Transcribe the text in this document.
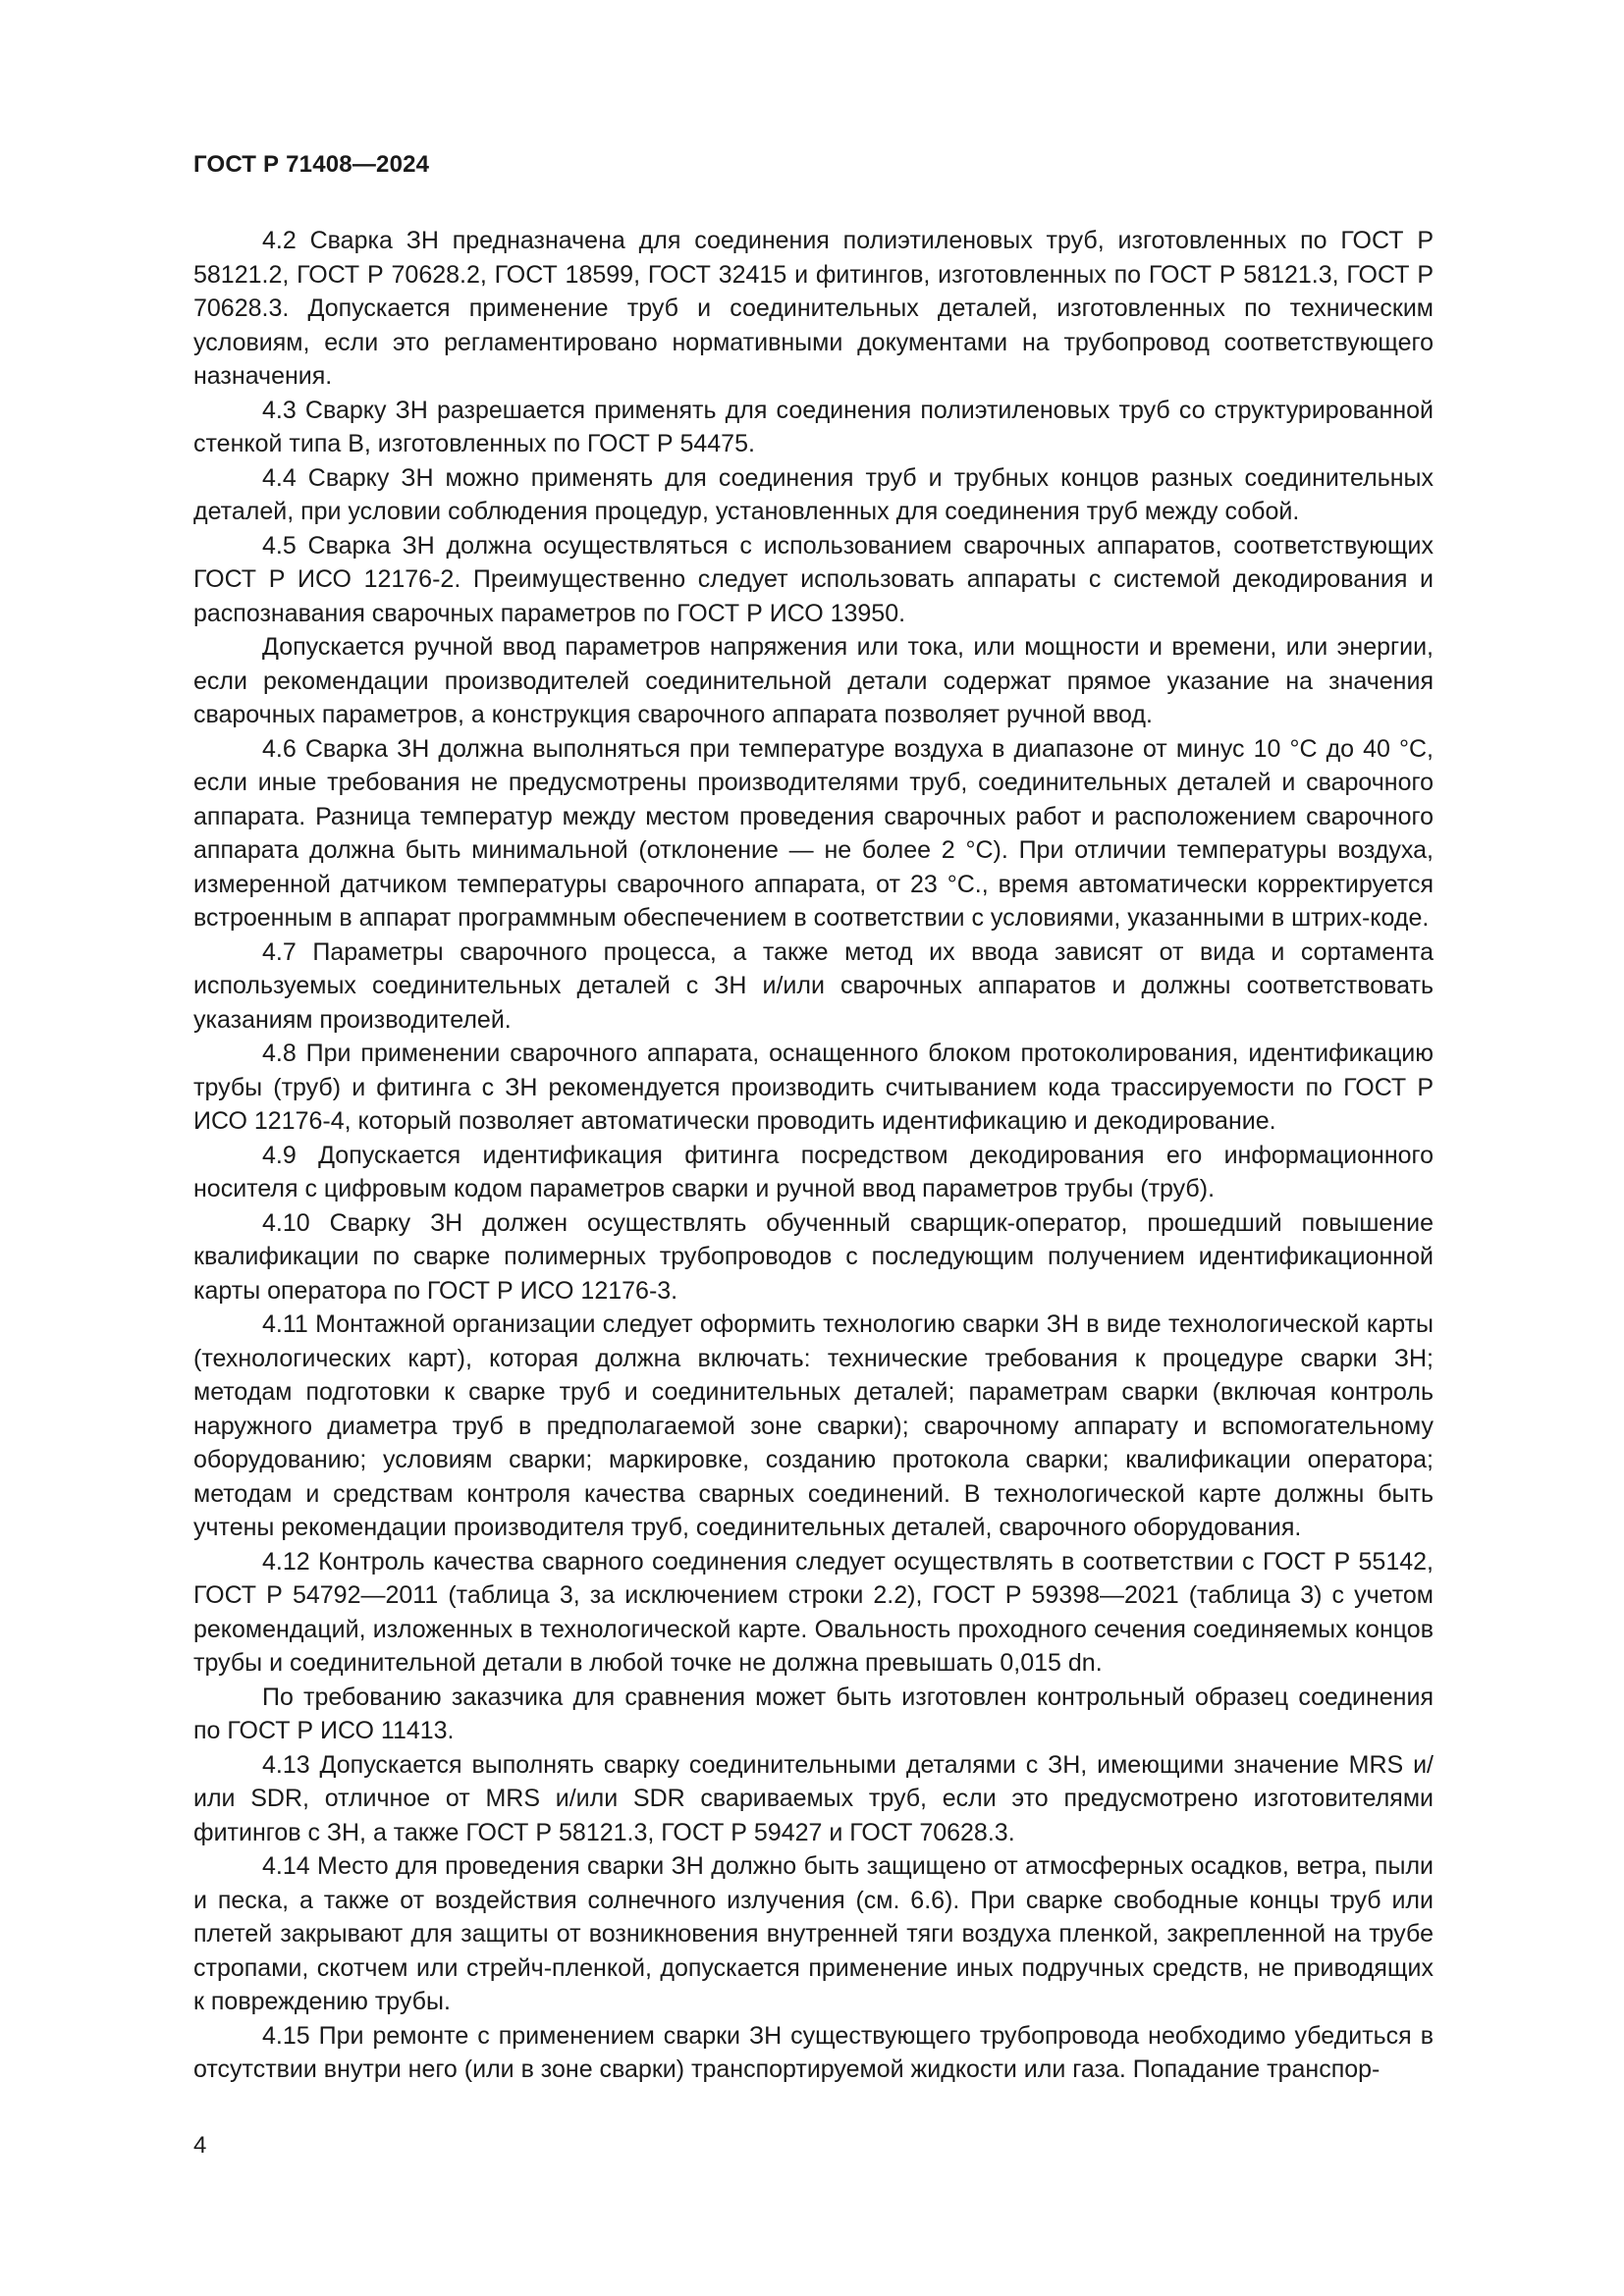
ГОСТ Р 71408—2024

4.2 Сварка ЗН предназначена для соединения полиэтиленовых труб, изготовленных по ГОСТ Р 58121.2, ГОСТ Р 70628.2, ГОСТ 18599, ГОСТ 32415 и фитингов, изготовленных по ГОСТ Р 58121.3, ГОСТ Р 70628.3. Допускается применение труб и соединительных деталей, изготовленных по техническим условиям, если это регламентировано нормативными документами на трубопровод соответствующего назначения.

4.3 Сварку ЗН разрешается применять для соединения полиэтиленовых труб со структурированной стенкой типа В, изготовленных по ГОСТ Р 54475.

4.4 Сварку ЗН можно применять для соединения труб и трубных концов разных соединительных деталей, при условии соблюдения процедур, установленных для соединения труб между собой.

4.5 Сварка ЗН должна осуществляться с использованием сварочных аппаратов, соответствующих ГОСТ Р ИСО 12176-2. Преимущественно следует использовать аппараты с системой декодирования и распознавания сварочных параметров по ГОСТ Р ИСО 13950.

Допускается ручной ввод параметров напряжения или тока, или мощности и времени, или энергии, если рекомендации производителей соединительной детали содержат прямое указание на значения сварочных параметров, а конструкция сварочного аппарата позволяет ручной ввод.

4.6 Сварка ЗН должна выполняться при температуре воздуха в диапазоне от минус 10 °С до 40 °С, если иные требования не предусмотрены производителями труб, соединительных деталей и сварочного аппарата. Разница температур между местом проведения сварочных работ и расположением сварочного аппарата должна быть минимальной (отклонение — не более 2 °С). При отличии температуры воздуха, измеренной датчиком температуры сварочного аппарата, от 23 °С., время автоматически корректируется встроенным в аппарат программным обеспечением в соответствии с условиями, указанными в штрих-коде.

4.7 Параметры сварочного процесса, а также метод их ввода зависят от вида и сортамента используемых соединительных деталей с ЗН и/или сварочных аппаратов и должны соответствовать указаниям производителей.

4.8 При применении сварочного аппарата, оснащенного блоком протоколирования, идентификацию трубы (труб) и фитинга с ЗН рекомендуется производить считыванием кода трассируемости по ГОСТ Р ИСО 12176-4, который позволяет автоматически проводить идентификацию и декодирование.

4.9 Допускается идентификация фитинга посредством декодирования его информационного носителя с цифровым кодом параметров сварки и ручной ввод параметров трубы (труб).

4.10 Сварку ЗН должен осуществлять обученный сварщик-оператор, прошедший повышение квалификации по сварке полимерных трубопроводов с последующим получением идентификационной карты оператора по ГОСТ Р ИСО 12176-3.

4.11 Монтажной организации следует оформить технологию сварки ЗН в виде технологической карты (технологических карт), которая должна включать: технические требования к процедуре сварки ЗН; методам подготовки к сварке труб и соединительных деталей; параметрам сварки (включая контроль наружного диаметра труб в предполагаемой зоне сварки); сварочному аппарату и вспомогательному оборудованию; условиям сварки; маркировке, созданию протокола сварки; квалификации оператора; методам и средствам контроля качества сварных соединений. В технологической карте должны быть учтены рекомендации производителя труб, соединительных деталей, сварочного оборудования.

4.12 Контроль качества сварного соединения следует осуществлять в соответствии с ГОСТ Р 55142, ГОСТ Р 54792—2011 (таблица 3, за исключением строки 2.2), ГОСТ Р 59398—2021 (таблица 3) с учетом рекомендаций, изложенных в технологической карте. Овальность проходного сечения соединяемых концов трубы и соединительной детали в любой точке не должна превышать 0,015 dn.

По требованию заказчика для сравнения может быть изготовлен контрольный образец соединения по ГОСТ Р ИСО 11413.

4.13 Допускается выполнять сварку соединительными деталями с ЗН, имеющими значение MRS и/или SDR, отличное от MRS и/или SDR свариваемых труб, если это предусмотрено изготовителями фитингов с ЗН, а также ГОСТ Р 58121.3, ГОСТ Р 59427 и ГОСТ 70628.3.

4.14 Место для проведения сварки ЗН должно быть защищено от атмосферных осадков, ветра, пыли и песка, а также от воздействия солнечного излучения (см. 6.6). При сварке свободные концы труб или плетей закрывают для защиты от возникновения внутренней тяги воздуха пленкой, закрепленной на трубе стропами, скотчем или стрейч-пленкой, допускается применение иных подручных средств, не приводящих к повреждению трубы.

4.15 При ремонте с применением сварки ЗН существующего трубопровода необходимо убедиться в отсутствии внутри него (или в зоне сварки) транспортируемой жидкости или газа. Попадание транспор-

4
